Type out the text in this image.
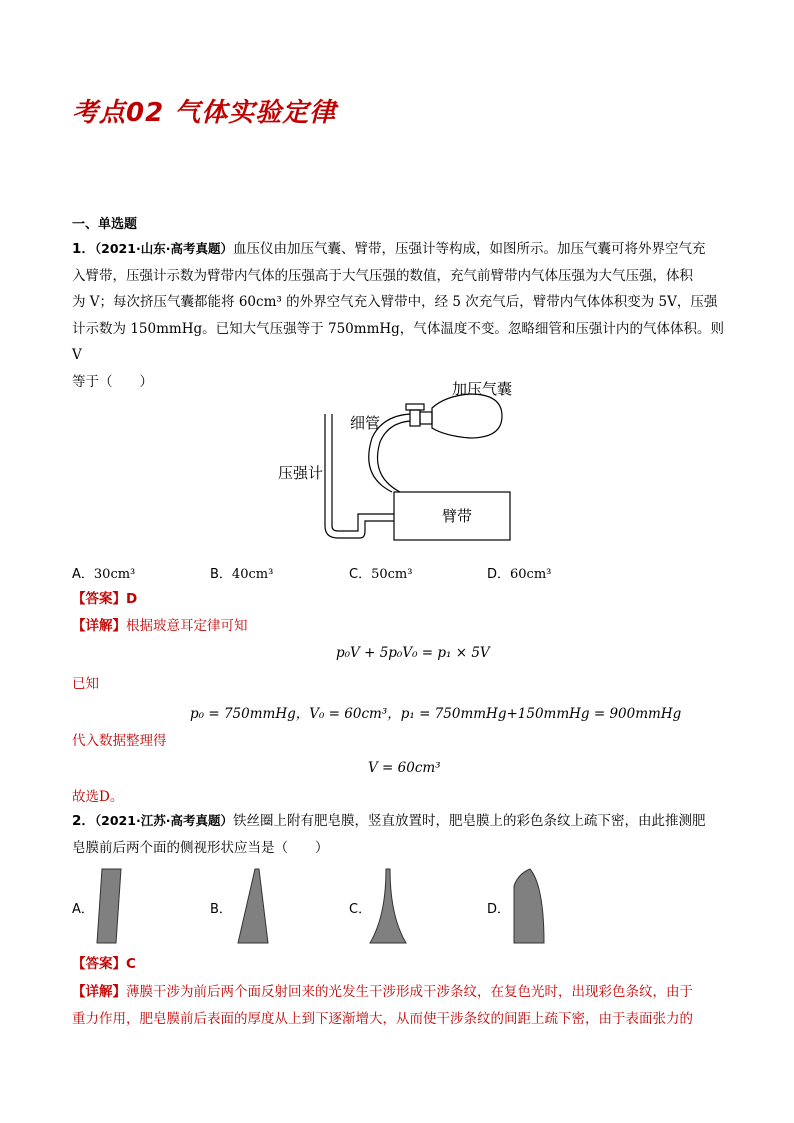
考点02 气体实验定律
一、单选题
1．（2021·山东·高考真题）血压仪由加压气囊、臂带，压强计等构成，如图所示。加压气囊可将外界空气充
入臂带，压强计示数为臂带内气体的压强高于大气压强的数值，充气前臂带内气体压强为大气压强，体积
为 V；每次挤压气囊都能将 60cm³ 的外界空气充入臂带中，经 5 次充气后，臂带内气体体积变为 5V，压强
计示数为 150mmHg。已知大气压强等于 750mmHg，气体温度不变。忽略细管和压强计内的气体体积。则 V
等于（　　）	加压气囊
细管
压强计
臂带
A．30cm³	B．40cm³	C．50cm³	D．60cm³
【答案】D
【详解】根据玻意耳定律可知
p₀V + 5p₀V₀ = p₁ × 5V
已知
p₀ = 750mmHg，V₀ = 60cm³，p₁ = 750mmHg+150mmHg = 900mmHg
代入数据整理得
V = 60cm³
故选D。
2．（2021·江苏·高考真题）铁丝圈上附有肥皂膜，竖直放置时，肥皂膜上的彩色条纹上疏下密，由此推测肥
皂膜前后两个面的侧视形状应当是（　　）
A．	B．	C．	D．
【答案】C
【详解】薄膜干涉为前后两个面反射回来的光发生干涉形成干涉条纹，在复色光时，出现彩色条纹，由于
重力作用，肥皂膜前后表面的厚度从上到下逐渐增大，从而使干涉条纹的间距上疏下密，由于表面张力的
